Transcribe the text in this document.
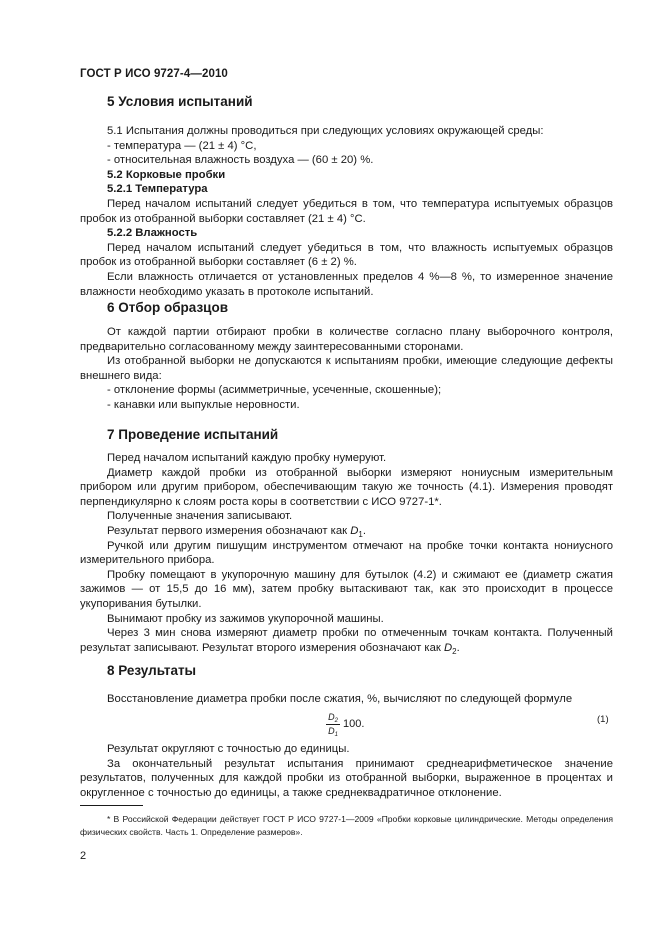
ГОСТ Р ИСО 9727-4—2010
5 Условия испытаний

5.1 Испытания должны проводиться при следующих условиях окружающей среды:

- температура — (21 ± 4) °С,

- относительная влажность воздуха — (60 ± 20) %.

5.2 Корковые пробки

5.2.1 Температура

Перед началом испытаний следует убедиться в том, что температура испытуемых образцов пробок из отобранной выборки составляет (21 ± 4) °С.

5.2.2 Влажность

Перед началом испытаний следует убедиться в том, что влажность испытуемых образцов пробок из отобранной выборки составляет (6 ± 2) %.

Если влажность отличается от установленных пределов 4 %—8 %, то измеренное значение влажности необходимо указать в протоколе испытаний.

6 Отбор образцов

От каждой партии отбирают пробки в количестве согласно плану выборочного контроля, предварительно согласованному между заинтересованными сторонами.

Из отобранной выборки не допускаются к испытаниям пробки, имеющие следующие дефекты внешнего вида:

- отклонение формы (асимметричные, усеченные, скошенные);

- канавки или выпуклые неровности.

7 Проведение испытаний

Перед началом испытаний каждую пробку нумеруют.

Диаметр каждой пробки из отобранной выборки измеряют нониусным измерительным прибором или другим прибором, обеспечивающим такую же точность (4.1). Измерения проводят перпендикулярно к слоям роста коры в соответствии с ИСО 9727-1*.

Полученные значения записывают.

Результат первого измерения обозначают как $D_1$.

Ручкой или другим пишущим инструментом отмечают на пробке точки контакта нониусного измерительного прибора.

Пробку помещают в укупорочную машину для бутылок (4.2) и сжимают ее (диаметр сжатия зажимов — от 15,5 до 16 мм), затем пробку вытаскивают так, как это происходит в процессе укупоривания бутылки.

Вынимают пробку из зажимов укупорочной машины.

Через 3 мин снова измеряют диаметр пробки по отмеченным точкам контакта. Полученный результат записывают. Результат второго измерения обозначают как $D_2$.

8 Результаты

Восстановление диаметра пробки после сжатия, %, вычисляют по следующей формуле

$\frac{D_2}{D_1} 100$.	(1)

Результат округляют с точностью до единицы.

За окончательный результат испытания принимают среднеарифметическое значение результатов, полученных для каждой пробки из отобранной выборки, выраженное в процентах и округленное с точностью до единицы, а также среднеквадратичное отклонение.

* В Российской Федерации действует ГОСТ Р ИСО 9727-1—2009 «Пробки корковые цилиндрические. Методы определения физических свойств. Часть 1. Определение размеров».

2
